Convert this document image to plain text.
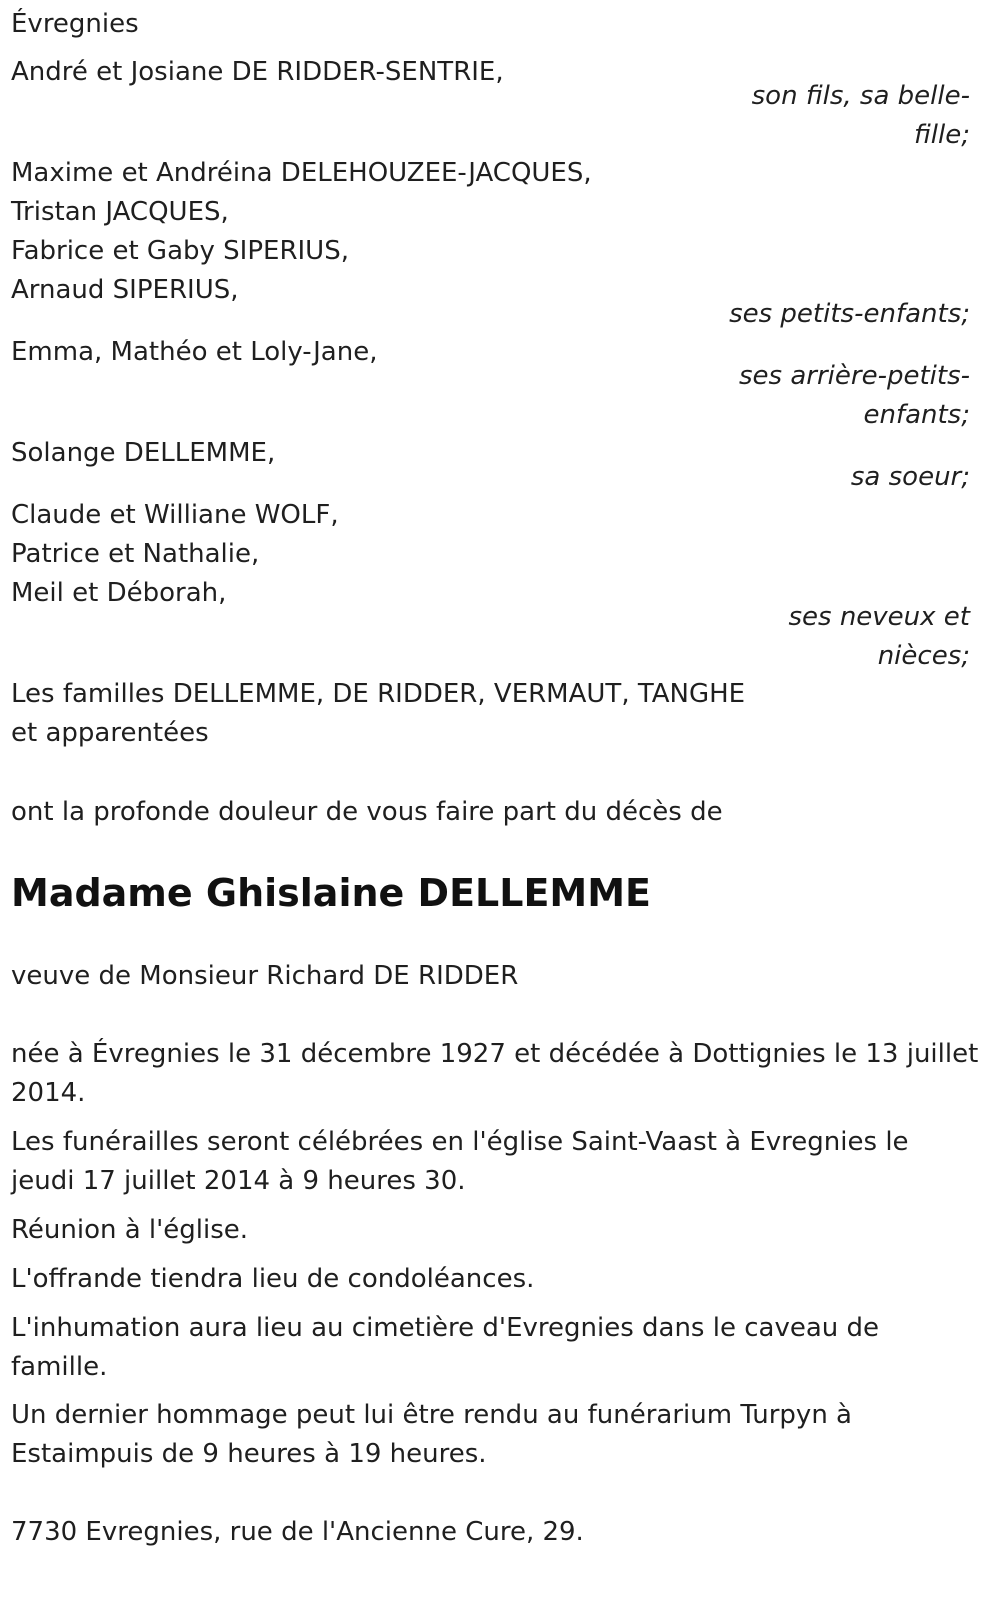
Évregnies
André et Josiane DE RIDDER-SENTRIE,
son fils, sa belle-
fille;
Maxime et Andréina DELEHOUZEE-JACQUES,
Tristan JACQUES,
Fabrice et Gaby SIPERIUS,
Arnaud SIPERIUS,
ses petits-enfants;
Emma, Mathéo et Loly-Jane,
ses arrière-petits-
enfants;
Solange DELLEMME,
sa soeur;
Claude et Williane WOLF,
Patrice et Nathalie,
Meil et Déborah,
ses neveux et
nièces;
Les familles DELLEMME, DE RIDDER, VERMAUT, TANGHE
et apparentées
ont la profonde douleur de vous faire part du décès de
Madame Ghislaine DELLEMME
veuve de Monsieur Richard DE RIDDER
née à Évregnies le 31 décembre 1927 et décédée à Dottignies le 13 juillet
2014.
Les funérailles seront célébrées en l'église Saint-Vaast à Evregnies le
jeudi 17 juillet 2014 à 9 heures 30.
Réunion à l'église.
L'offrande tiendra lieu de condoléances.
L'inhumation aura lieu au cimetière d'Evregnies dans le caveau de
famille.
Un dernier hommage peut lui être rendu au funérarium Turpyn à
Estaimpuis de 9 heures à 19 heures.
7730 Evregnies, rue de l'Ancienne Cure, 29.
